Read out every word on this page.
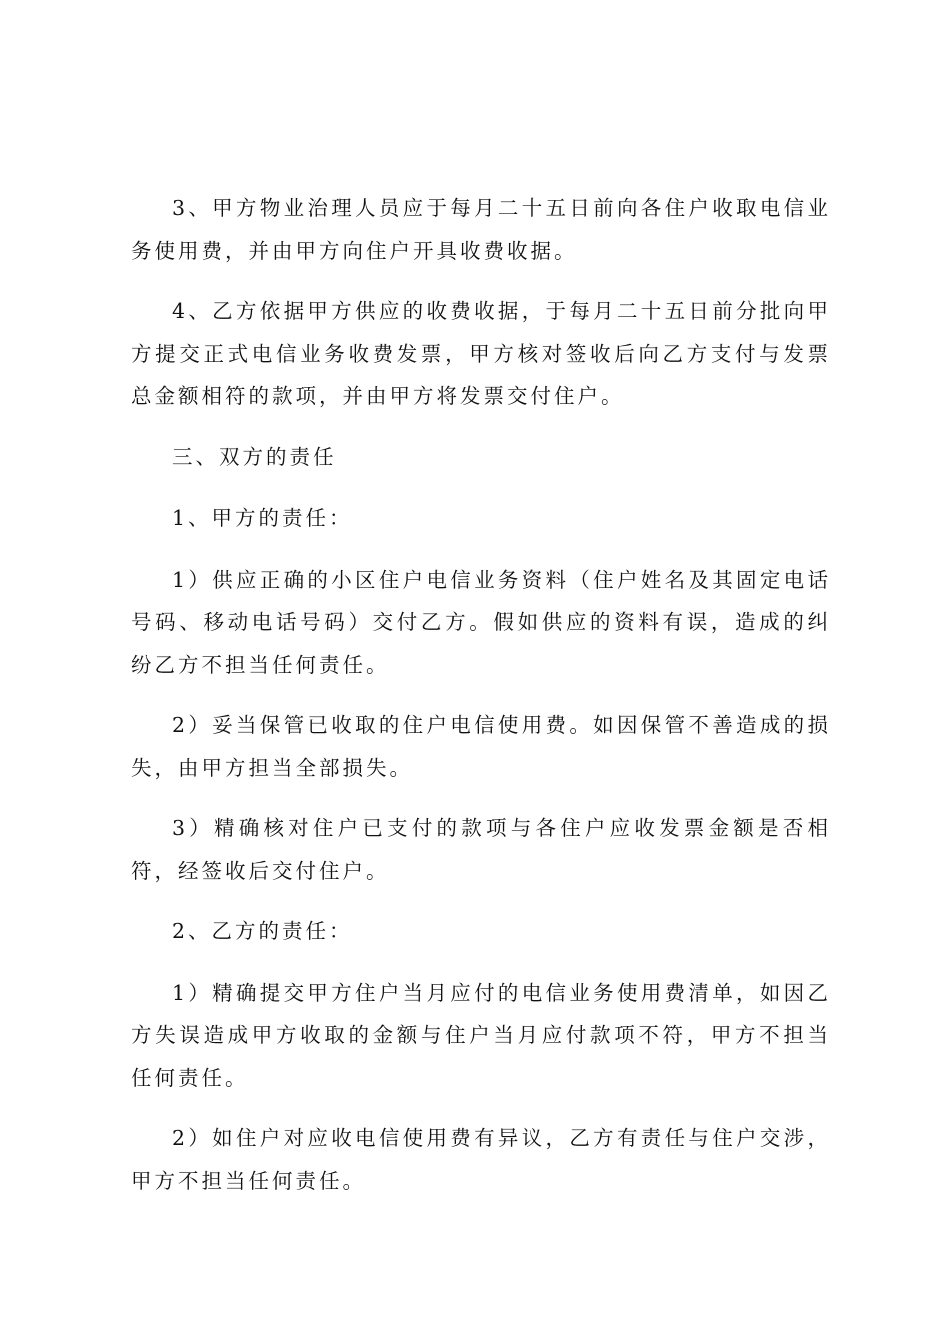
3、甲方物业治理人员应于每月二十五日前向各住户收取电信业务使用费，并由甲方向住户开具收费收据。

4、乙方依据甲方供应的收费收据，于每月二十五日前分批向甲方提交正式电信业务收费发票，甲方核对签收后向乙方支付与发票总金额相符的款项，并由甲方将发票交付住户。

三、双方的责任

1、甲方的责任：

1）供应正确的小区住户电信业务资料（住户姓名及其固定电话号码、移动电话号码）交付乙方。假如供应的资料有误，造成的纠纷乙方不担当任何责任。

2）妥当保管已收取的住户电信使用费。如因保管不善造成的损失，由甲方担当全部损失。

3）精确核对住户已支付的款项与各住户应收发票金额是否相符，经签收后交付住户。

2、乙方的责任：

1）精确提交甲方住户当月应付的电信业务使用费清单，如因乙方失误造成甲方收取的金额与住户当月应付款项不符，甲方不担当任何责任。

2）如住户对应收电信使用费有异议，乙方有责任与住户交涉，甲方不担当任何责任。
